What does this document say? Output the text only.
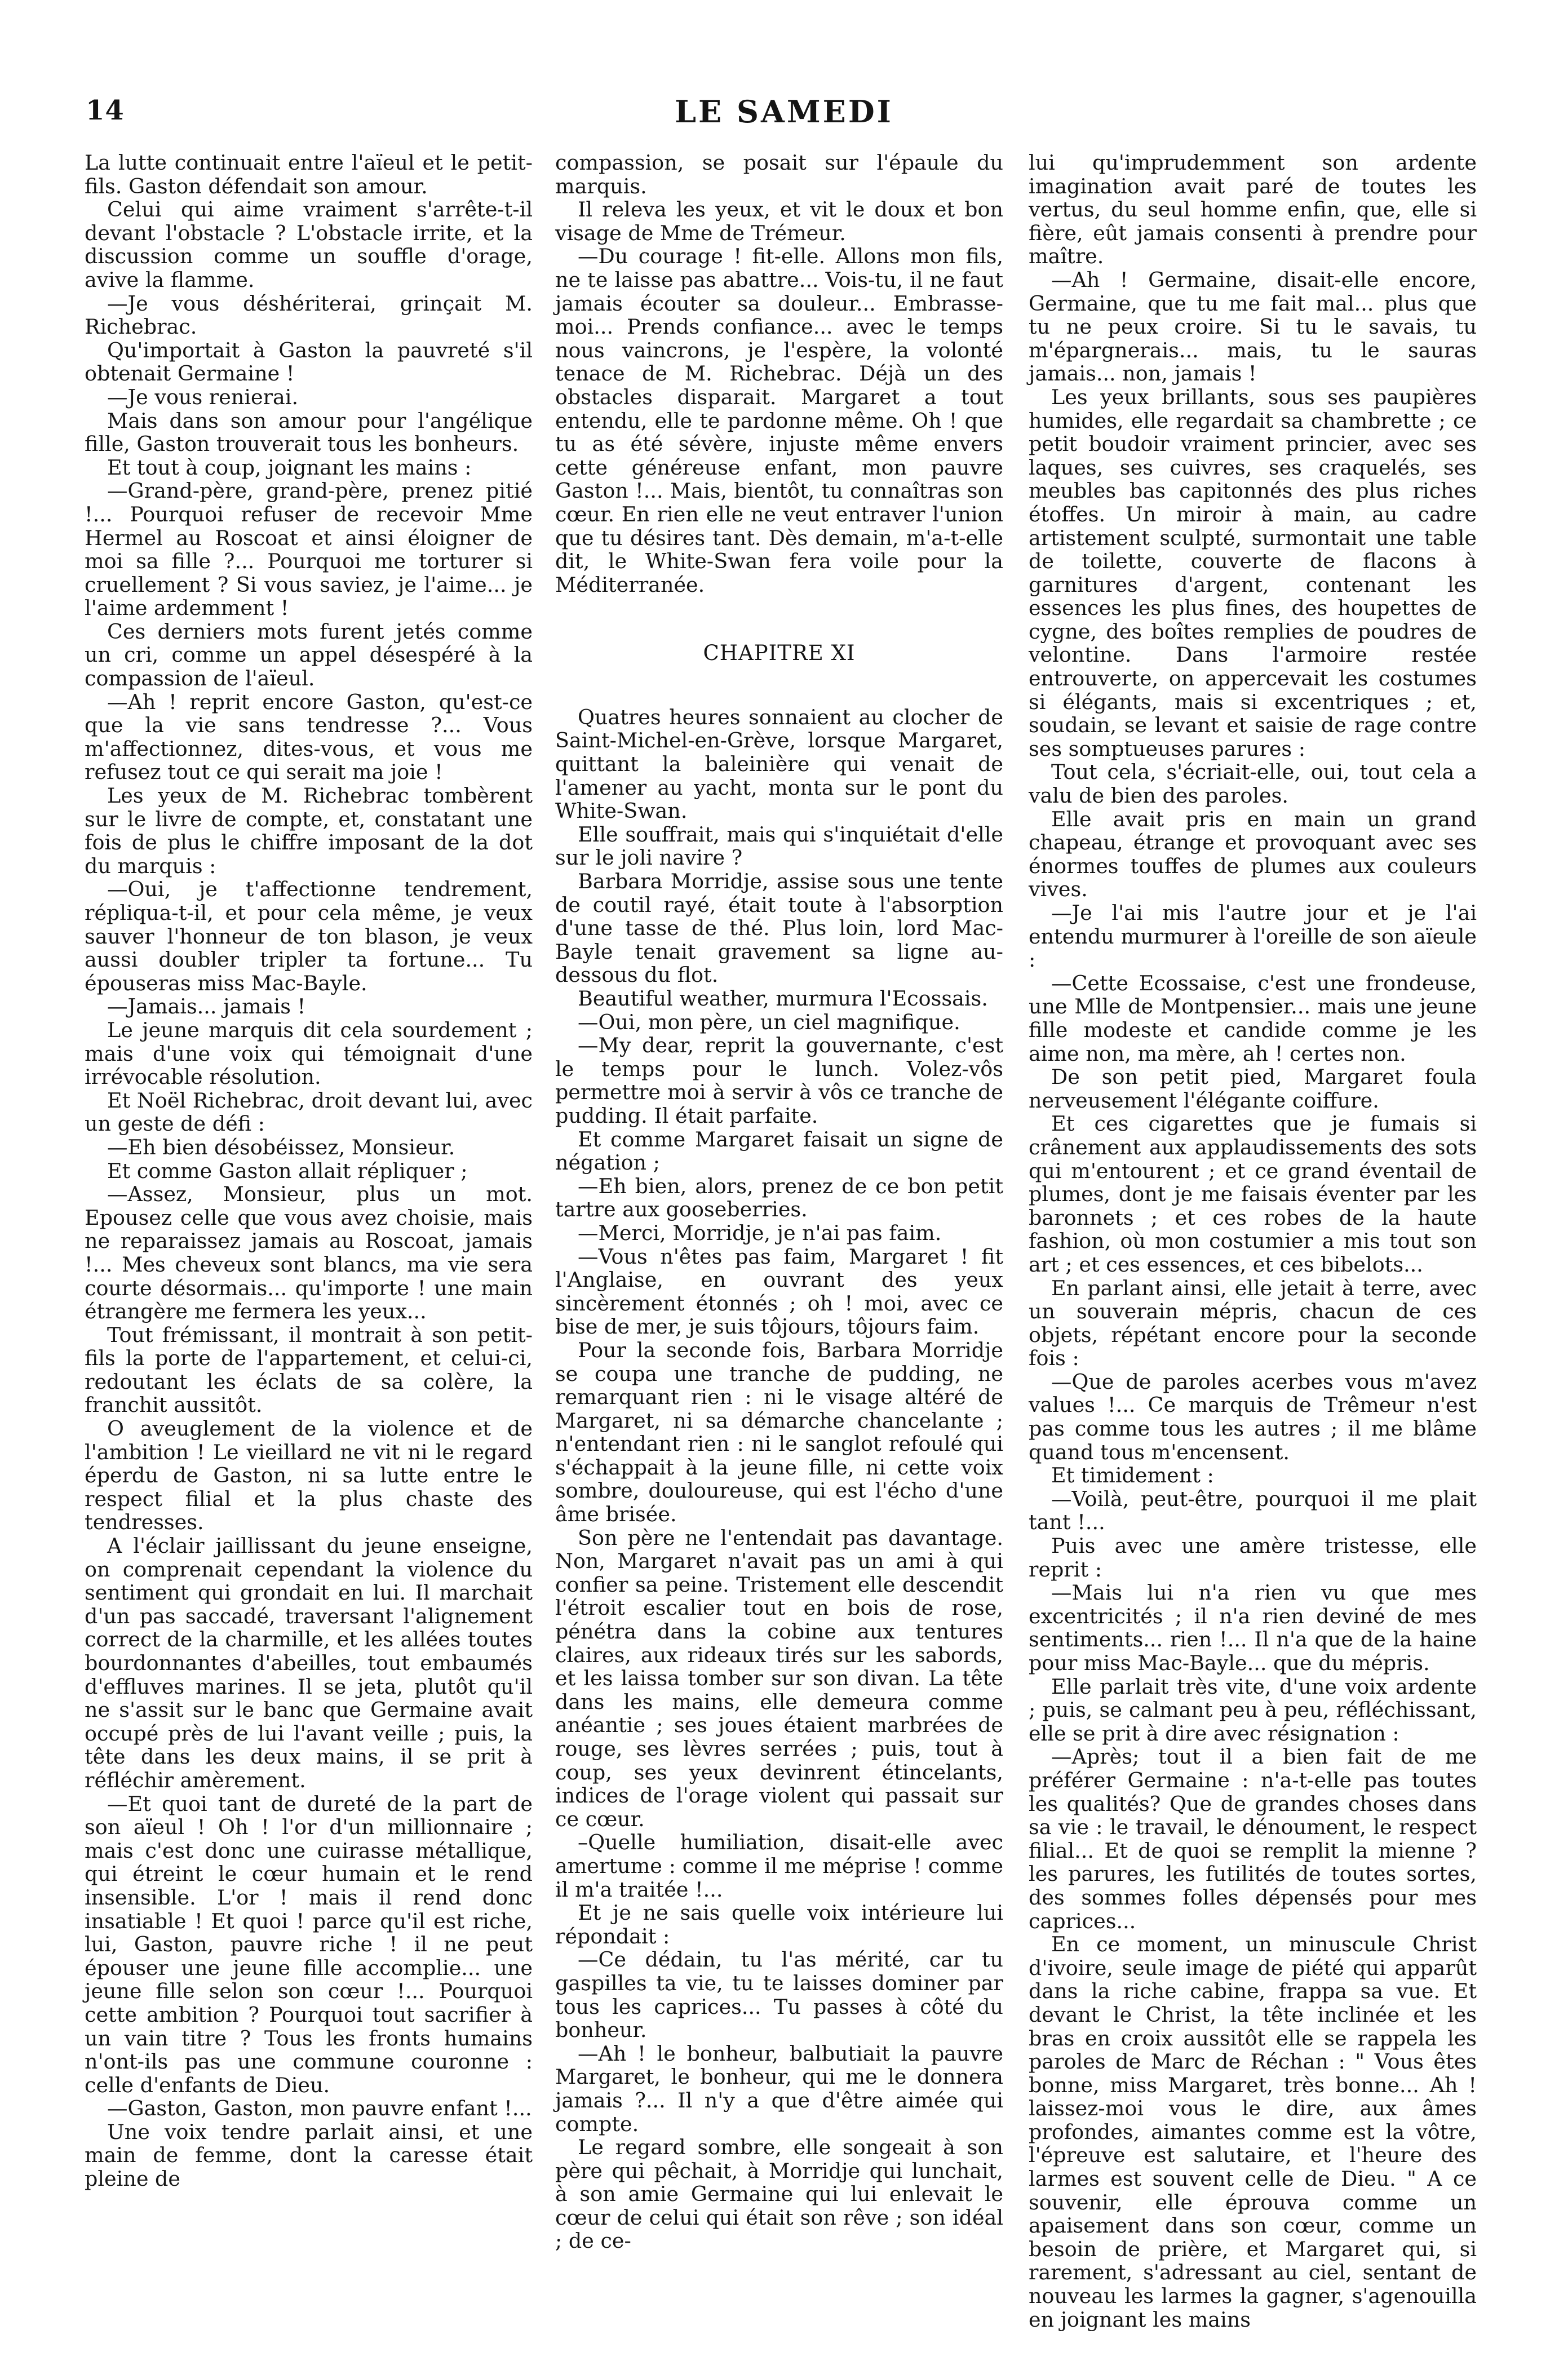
14	LE SAMEDI

La lutte continuait entre l'aïeul et le petit-fils. Gaston défendait son amour.

Celui qui aime vraiment s'arrête-t-il devant l'obstacle ? L'obstacle irrite, et la discussion comme un souffle d'orage, avive la flamme.

—Je vous déshériterai, grinçait M. Richebrac.

Qu'importait à Gaston la pauvreté s'il obtenait Germaine !

—Je vous renierai.

Mais dans son amour pour l'angélique fille, Gaston trouverait tous les bonheurs.

Et tout à coup, joignant les mains :

—Grand-père, grand-père, prenez pitié !... Pourquoi refuser de recevoir Mme Hermel au Roscoat et ainsi éloigner de moi sa fille ?... Pourquoi me torturer si cruellement ? Si vous saviez, je l'aime... je l'aime ardemment !

Ces derniers mots furent jetés comme un cri, comme un appel désespéré à la compassion de l'aïeul.

—Ah ! reprit encore Gaston, qu'est-ce que la vie sans tendresse ?... Vous m'affectionnez, dites-vous, et vous me refusez tout ce qui serait ma joie !

Les yeux de M. Richebrac tombèrent sur le livre de compte, et, constatant une fois de plus le chiffre imposant de la dot du marquis :

—Oui, je t'affectionne tendrement, répliqua-t-il, et pour cela même, je veux sauver l'honneur de ton blason, je veux aussi doubler tripler ta fortune... Tu épouseras miss Mac-Bayle.

—Jamais... jamais !

Le jeune marquis dit cela sourdement ; mais d'une voix qui témoignait d'une irrévocable résolution.

Et Noël Richebrac, droit devant lui, avec un geste de défi :

—Eh bien désobéissez, Monsieur.

Et comme Gaston allait répliquer ;

—Assez, Monsieur, plus un mot. Epousez celle que vous avez choisie, mais ne reparaissez jamais au Roscoat, jamais !... Mes cheveux sont blancs, ma vie sera courte désormais... qu'importe ! une main étrangère me fermera les yeux...

Tout frémissant, il montrait à son petit-fils la porte de l'appartement, et celui-ci, redoutant les éclats de sa colère, la franchit aussitôt.

O aveuglement de la violence et de l'ambition ! Le vieillard ne vit ni le regard éperdu de Gaston, ni sa lutte entre le respect filial et la plus chaste des tendresses.

A l'éclair jaillissant du jeune enseigne, on comprenait cependant la violence du sentiment qui grondait en lui. Il marchait d'un pas saccadé, traversant l'alignement correct de la charmille, et les allées toutes bourdonnantes d'abeilles, tout embaumés d'effluves marines. Il se jeta, plutôt qu'il ne s'assit sur le banc que Germaine avait occupé près de lui l'avant veille ; puis, la tête dans les deux mains, il se prit à réfléchir amèrement.

—Et quoi tant de dureté de la part de son aïeul ! Oh ! l'or d'un millionnaire ; mais c'est donc une cuirasse métallique, qui étreint le cœur humain et le rend insensible. L'or ! mais il rend donc insatiable ! Et quoi ! parce qu'il est riche, lui, Gaston, pauvre riche ! il ne peut épouser une jeune fille accomplie... une jeune fille selon son cœur !... Pourquoi cette ambition ? Pourquoi tout sacrifier à un vain titre ? Tous les fronts humains n'ont-ils pas une commune couronne : celle d'enfants de Dieu.

—Gaston, Gaston, mon pauvre enfant !...

Une voix tendre parlait ainsi, et une main de femme, dont la caresse était pleine de

compassion, se posait sur l'épaule du marquis.

Il releva les yeux, et vit le doux et bon visage de Mme de Trémeur.

—Du courage ! fit-elle. Allons mon fils, ne te laisse pas abattre... Vois-tu, il ne faut jamais écouter sa douleur... Embrasse-moi... Prends confiance... avec le temps nous vaincrons, je l'espère, la volonté tenace de M. Richebrac. Déjà un des obstacles disparait. Margaret a tout entendu, elle te pardonne même. Oh ! que tu as été sévère, injuste même envers cette généreuse enfant, mon pauvre Gaston !... Mais, bientôt, tu connaîtras son cœur. En rien elle ne veut entraver l'union que tu désires tant. Dès demain, m'a-t-elle dit, le White-Swan fera voile pour la Méditerranée.

CHAPITRE XI

Quatres heures sonnaient au clocher de Saint-Michel-en-Grève, lorsque Margaret, quittant la baleinière qui venait de l'amener au yacht, monta sur le pont du White-Swan.

Elle souffrait, mais qui s'inquiétait d'elle sur le joli navire ?

Barbara Morridje, assise sous une tente de coutil rayé, était toute à l'absorption d'une tasse de thé. Plus loin, lord Mac-Bayle tenait gravement sa ligne au-dessous du flot.

Beautiful weather, murmura l'Ecossais.

—Oui, mon père, un ciel magnifique.

—My dear, reprit la gouvernante, c'est le temps pour le lunch. Volez-vôs permettre moi à servir à vôs ce tranche de pudding. Il était parfaite.

Et comme Margaret faisait un signe de négation ;

—Eh bien, alors, prenez de ce bon petit tartre aux gooseberries.

—Merci, Morridje, je n'ai pas faim.

—Vous n'êtes pas faim, Margaret ! fit l'Anglaise, en ouvrant des yeux sincèrement étonnés ; oh ! moi, avec ce bise de mer, je suis tôjours, tôjours faim.

Pour la seconde fois, Barbara Morridje se coupa une tranche de pudding, ne remarquant rien : ni le visage altéré de Margaret, ni sa démarche chancelante ; n'entendant rien : ni le sanglot refoulé qui s'échappait à la jeune fille, ni cette voix sombre, douloureuse, qui est l'écho d'une âme brisée.

Son père ne l'entendait pas davantage. Non, Margaret n'avait pas un ami à qui confier sa peine. Tristement elle descendit l'étroit escalier tout en bois de rose, pénétra dans la cobine aux tentures claires, aux rideaux tirés sur les sabords, et les laissa tomber sur son divan. La tête dans les mains, elle demeura comme anéantie ; ses joues étaient marbrées de rouge, ses lèvres serrées ; puis, tout à coup, ses yeux devinrent étincelants, indices de l'orage violent qui passait sur ce cœur.

–Quelle humiliation, disait-elle avec amertume : comme il me méprise ! comme il m'a traitée !...

Et je ne sais quelle voix intérieure lui répondait :

—Ce dédain, tu l'as mérité, car tu gaspilles ta vie, tu te laisses dominer par tous les caprices... Tu passes à côté du bonheur.

—Ah ! le bonheur, balbutiait la pauvre Margaret, le bonheur, qui me le donnera jamais ?... Il n'y a que d'être aimée qui compte.

Le regard sombre, elle songeait à son père qui pêchait, à Morridje qui lunchait, à son amie Germaine qui lui enlevait le cœur de celui qui était son rêve ; son idéal ; de ce-

lui qu'imprudemment son ardente imagination avait paré de toutes les vertus, du seul homme enfin, que, elle si fière, eût jamais consenti à prendre pour maître.

—Ah ! Germaine, disait-elle encore, Germaine, que tu me fait mal... plus que tu ne peux croire. Si tu le savais, tu m'épargnerais... mais, tu le sauras jamais... non, jamais !

Les yeux brillants, sous ses paupières humides, elle regardait sa chambrette ; ce petit boudoir vraiment princier, avec ses laques, ses cuivres, ses craquelés, ses meubles bas capitonnés des plus riches étoffes. Un miroir à main, au cadre artistement sculpté, surmontait une table de toilette, couverte de flacons à garnitures d'argent, contenant les essences les plus fines, des houpettes de cygne, des boîtes remplies de poudres de velontine. Dans l'armoire restée entrouverte, on appercevait les costumes si élégants, mais si excentriques ; et, soudain, se levant et saisie de rage contre ses somptueuses parures :

Tout cela, s'écriait-elle, oui, tout cela a valu de bien des paroles.

Elle avait pris en main un grand chapeau, étrange et provoquant avec ses énormes touffes de plumes aux couleurs vives.

—Je l'ai mis l'autre jour et je l'ai entendu murmurer à l'oreille de son aïeule :

—Cette Ecossaise, c'est une frondeuse, une Mlle de Montpensier... mais une jeune fille modeste et candide comme je les aime non, ma mère, ah ! certes non.

De son petit pied, Margaret foula nerveusement l'élégante coiffure.

Et ces cigarettes que je fumais si crânement aux applaudissements des sots qui m'entourent ; et ce grand éventail de plumes, dont je me faisais éventer par les baronnets ; et ces robes de la haute fashion, où mon costumier a mis tout son art ; et ces essences, et ces bibelots...

En parlant ainsi, elle jetait à terre, avec un souverain mépris, chacun de ces objets, répétant encore pour la seconde fois :

—Que de paroles acerbes vous m'avez values !... Ce marquis de Trêmeur n'est pas comme tous les autres ; il me blâme quand tous m'encensent.

Et timidement :

—Voilà, peut-être, pourquoi il me plait tant !...

Puis avec une amère tristesse, elle reprit :

—Mais lui n'a rien vu que mes excentricités ; il n'a rien deviné de mes sentiments... rien !... Il n'a que de la haine pour miss Mac-Bayle... que du mépris.

Elle parlait très vite, d'une voix ardente ; puis, se calmant peu à peu, réfléchissant, elle se prit à dire avec résignation :

—Après; tout il a bien fait de me préférer Germaine : n'a-t-elle pas toutes les qualités? Que de grandes choses dans sa vie : le travail, le dénoument, le respect filial... Et de quoi se remplit la mienne ? les parures, les futilités de toutes sortes, des sommes folles dépensés pour mes caprices...

En ce moment, un minuscule Christ d'ivoire, seule image de piété qui apparût dans la riche cabine, frappa sa vue. Et devant le Christ, la tête inclinée et les bras en croix aussitôt elle se rappela les paroles de Marc de Réchan : " Vous êtes bonne, miss Margaret, très bonne... Ah ! laissez-moi vous le dire, aux âmes profondes, aimantes comme est la vôtre, l'épreuve est salutaire, et l'heure des larmes est souvent celle de Dieu. " A ce souvenir, elle éprouva comme un apaisement dans son cœur, comme un besoin de prière, et Margaret qui, si rarement, s'adressant au ciel, sentant de nouveau les larmes la gagner, s'agenouilla en joignant les mains
